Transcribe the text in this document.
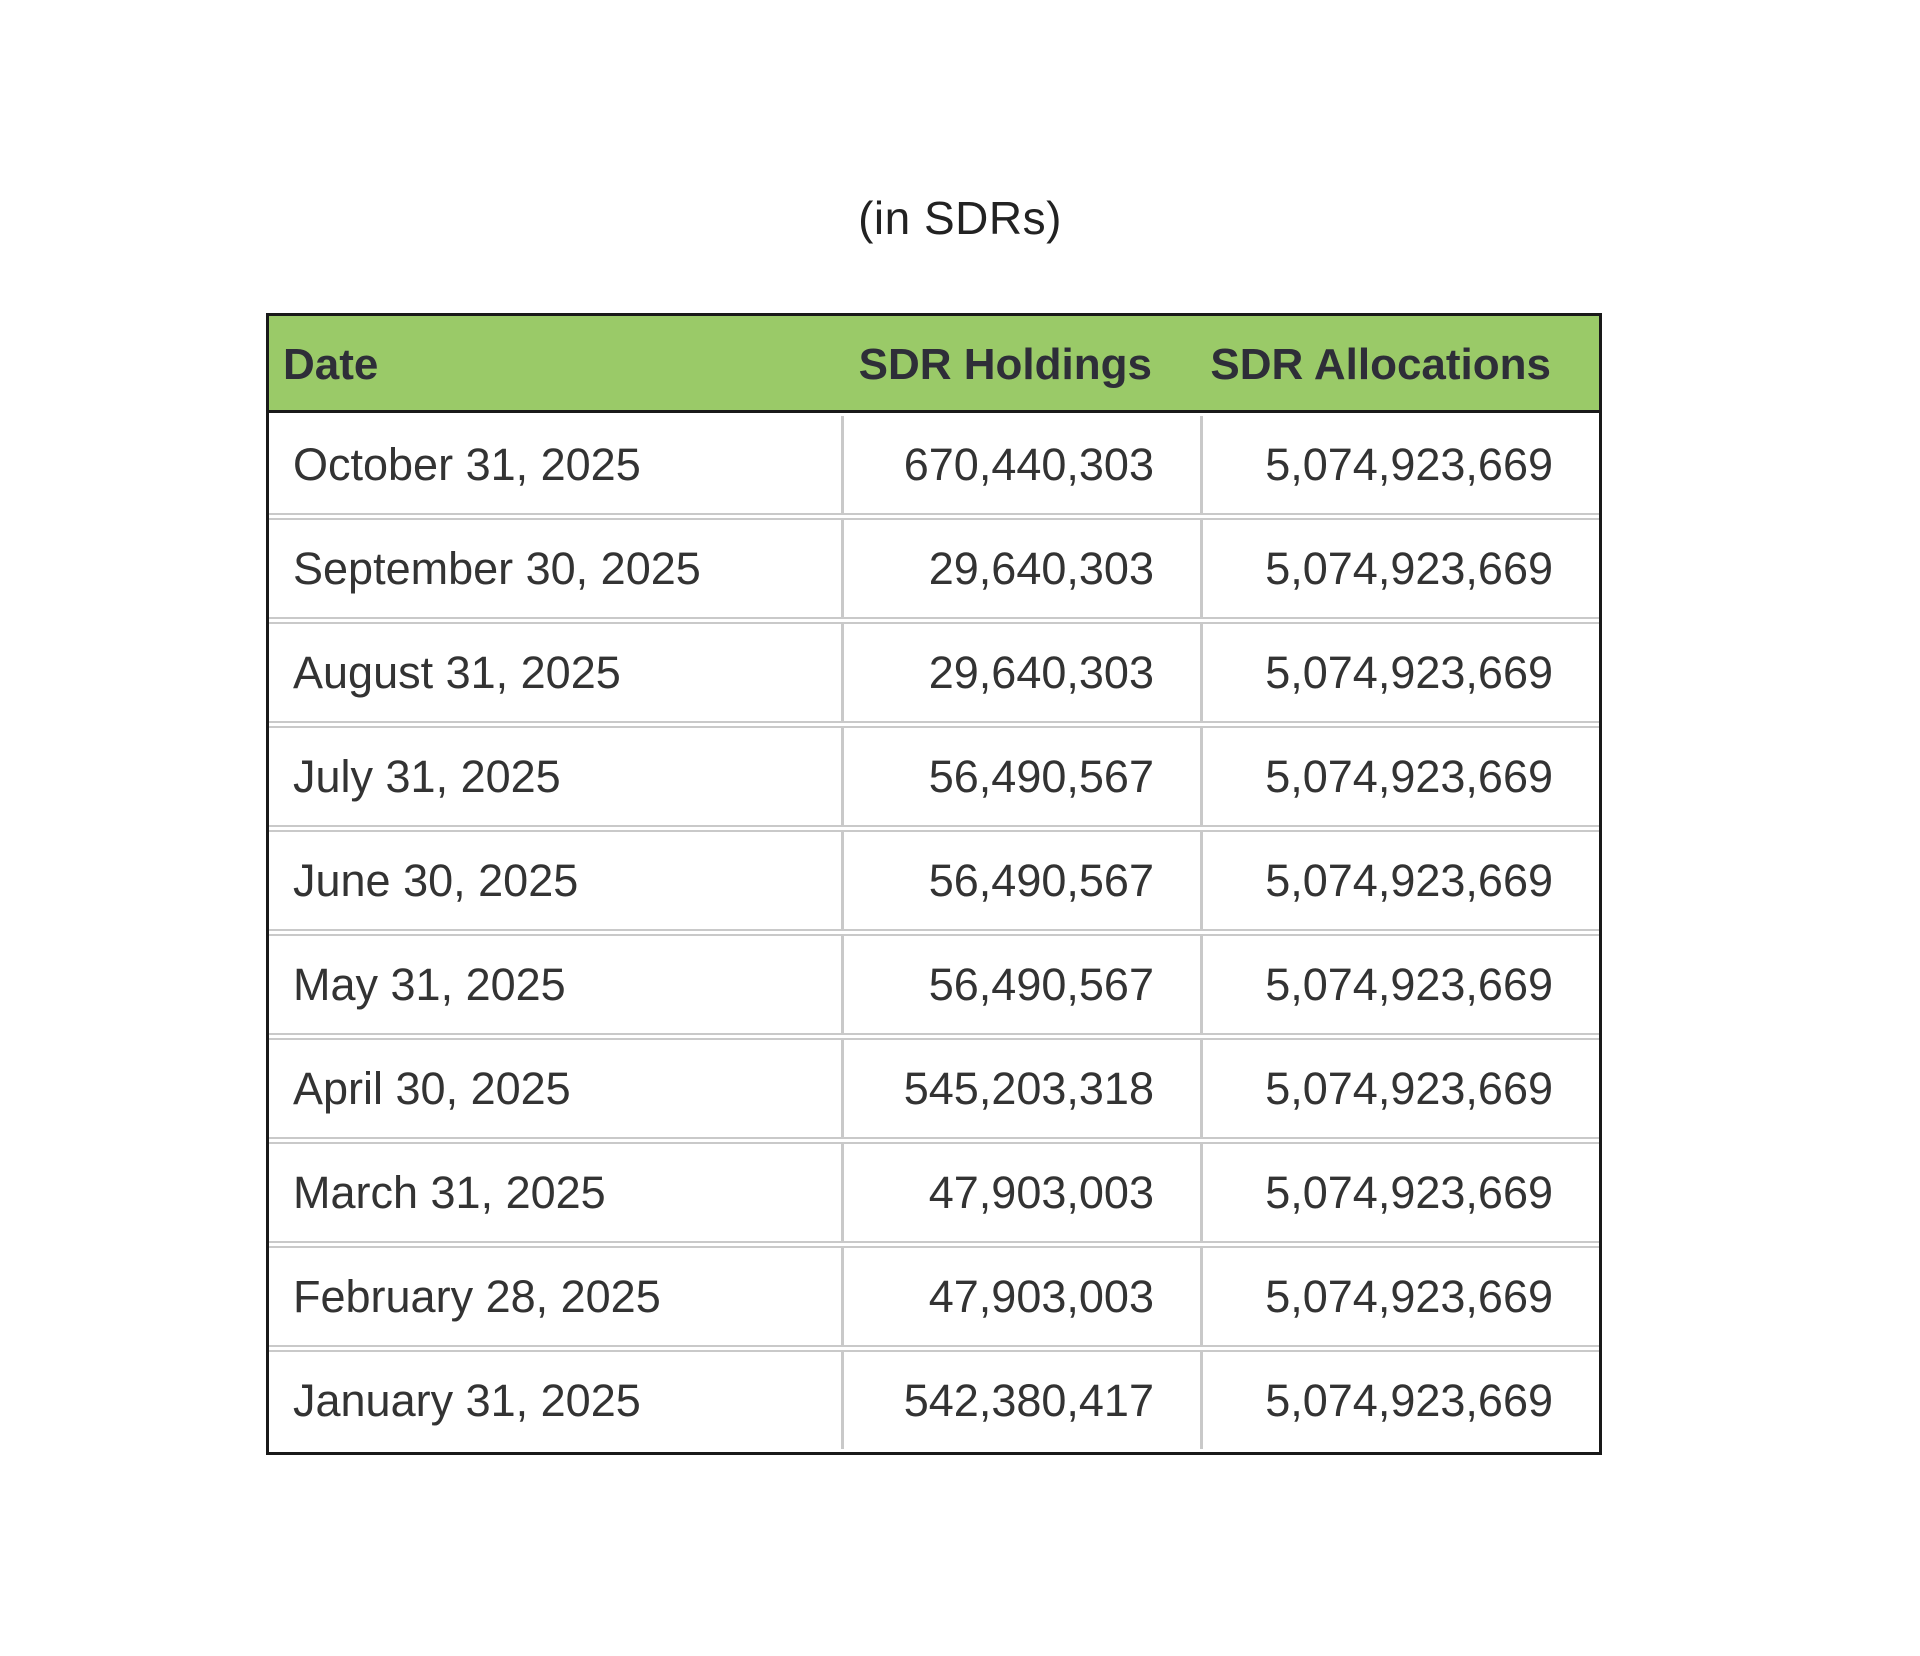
(in SDRs)
Date	SDR Holdings	SDR Allocations
October 31, 2025	670,440,303	5,074,923,669
September 30, 2025	29,640,303	5,074,923,669
August 31, 2025	29,640,303	5,074,923,669
July 31, 2025	56,490,567	5,074,923,669
June 30, 2025	56,490,567	5,074,923,669
May 31, 2025	56,490,567	5,074,923,669
April 30, 2025	545,203,318	5,074,923,669
March 31, 2025	47,903,003	5,074,923,669
February 28, 2025	47,903,003	5,074,923,669
January 31, 2025	542,380,417	5,074,923,669
